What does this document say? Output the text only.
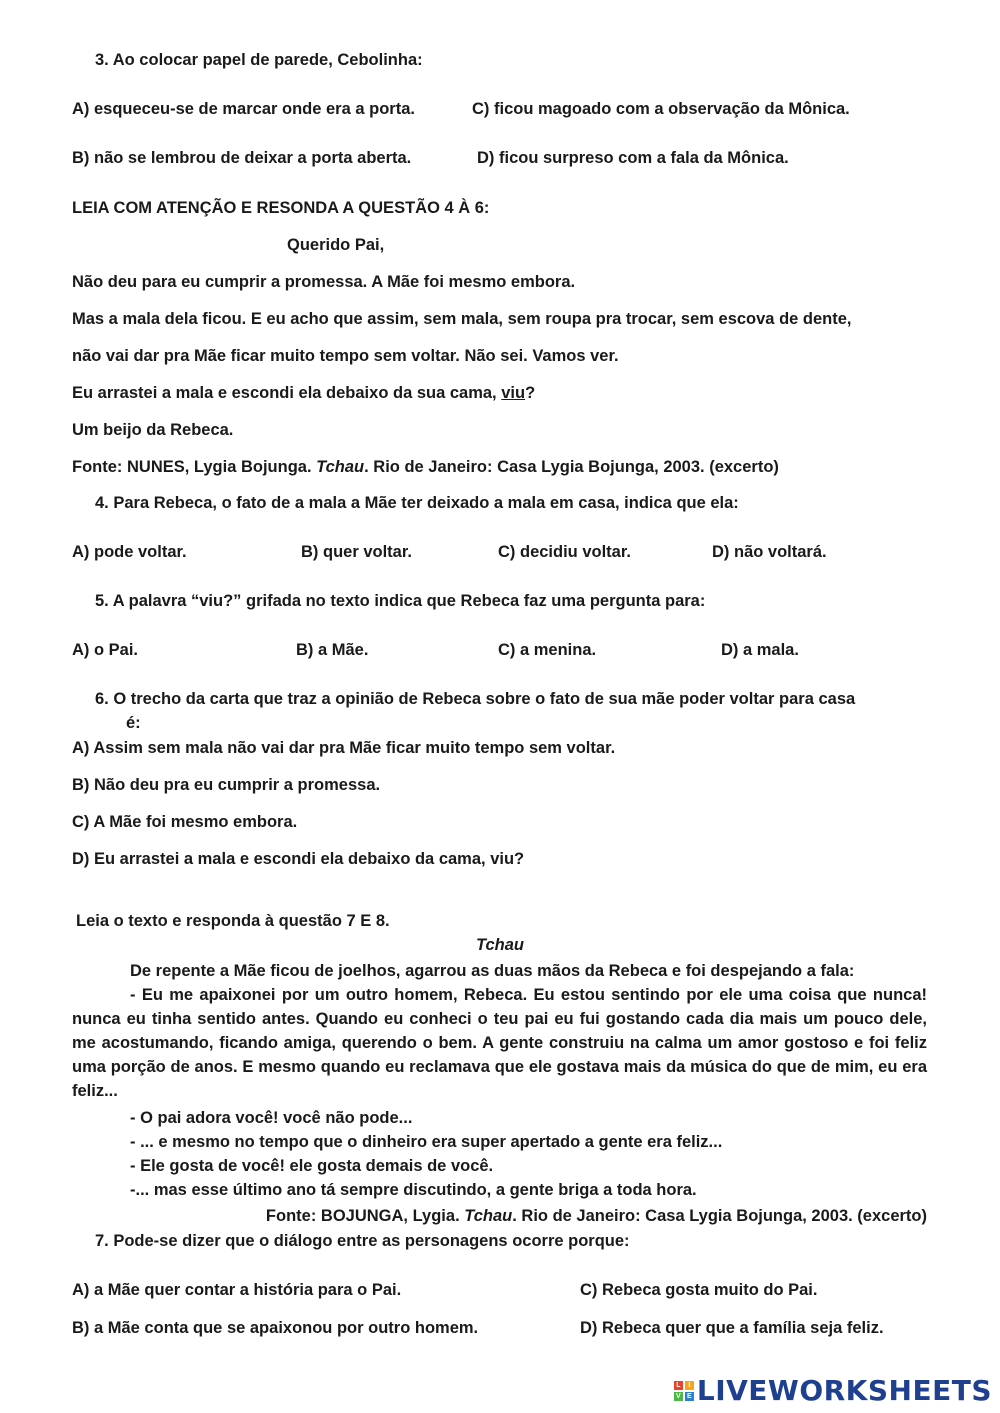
3. Ao colocar papel de parede, Cebolinha:
A) esqueceu-se de marcar onde era a porta.	C) ficou magoado com a observação da Mônica.
B) não se lembrou de deixar a porta aberta.	D) ficou surpreso com a fala da Mônica.
LEIA COM ATENÇÃO E RESONDA A QUESTÃO 4 À 6:
Querido Pai,
Não deu para eu cumprir a promessa. A Mãe foi mesmo embora.
Mas a mala dela ficou. E eu acho que assim, sem mala, sem roupa pra trocar, sem escova de dente,
não vai dar pra Mãe ficar muito tempo sem voltar. Não sei. Vamos ver.
Eu arrastei a mala e escondi ela debaixo da sua cama, viu?
Um beijo da Rebeca.
Fonte: NUNES, Lygia Bojunga. Tchau. Rio de Janeiro: Casa Lygia Bojunga, 2003. (excerto)
4. Para Rebeca, o fato de a mala a Mãe ter deixado a mala em casa, indica que ela:
A) pode voltar.	B) quer voltar.	C) decidiu voltar.	D) não voltará.
5. A palavra “viu?” grifada no texto indica que Rebeca faz uma pergunta para:
A) o Pai.	B) a Mãe.	C) a menina.	D) a mala.
6. O trecho da carta que traz a opinião de Rebeca sobre o fato de sua mãe poder voltar para casa
é:
A) Assim sem mala não vai dar pra Mãe ficar muito tempo sem voltar.
B) Não deu pra eu cumprir a promessa.
C) A Mãe foi mesmo embora.
D) Eu arrastei a mala e escondi ela debaixo da cama, viu?
Leia o texto e responda à questão 7 E 8.
Tchau

De repente a Mãe ficou de joelhos, agarrou as duas mãos da Rebeca e foi despejando a fala:

- Eu me apaixonei por um outro homem, Rebeca. Eu estou sentindo por ele uma coisa que nunca! nunca eu tinha sentido antes. Quando eu conheci o teu pai eu fui gostando cada dia mais um pouco dele, me acostumando, ficando amiga, querendo o bem. A gente construiu na calma um amor gostoso e foi feliz uma porção de anos. E mesmo quando eu reclamava que ele gostava mais da música do que de mim, eu era feliz...

- O pai adora você! você não pode...
- ... e mesmo no tempo que o dinheiro era super apertado a gente era feliz...
- Ele gosta de você! ele gosta demais de você.
-... mas esse último ano tá sempre discutindo, a gente briga a toda hora.
Fonte: BOJUNGA, Lygia. Tchau. Rio de Janeiro: Casa Lygia Bojunga, 2003. (excerto)
7. Pode-se dizer que o diálogo entre as personagens ocorre porque:
A) a Mãe quer contar a história para o Pai.	C) Rebeca gosta muito do Pai.
B) a Mãe conta que se apaixonou por outro homem.	D) Rebeca quer que a família seja feliz.
L	I
V E LIVEWORKSHEETS
